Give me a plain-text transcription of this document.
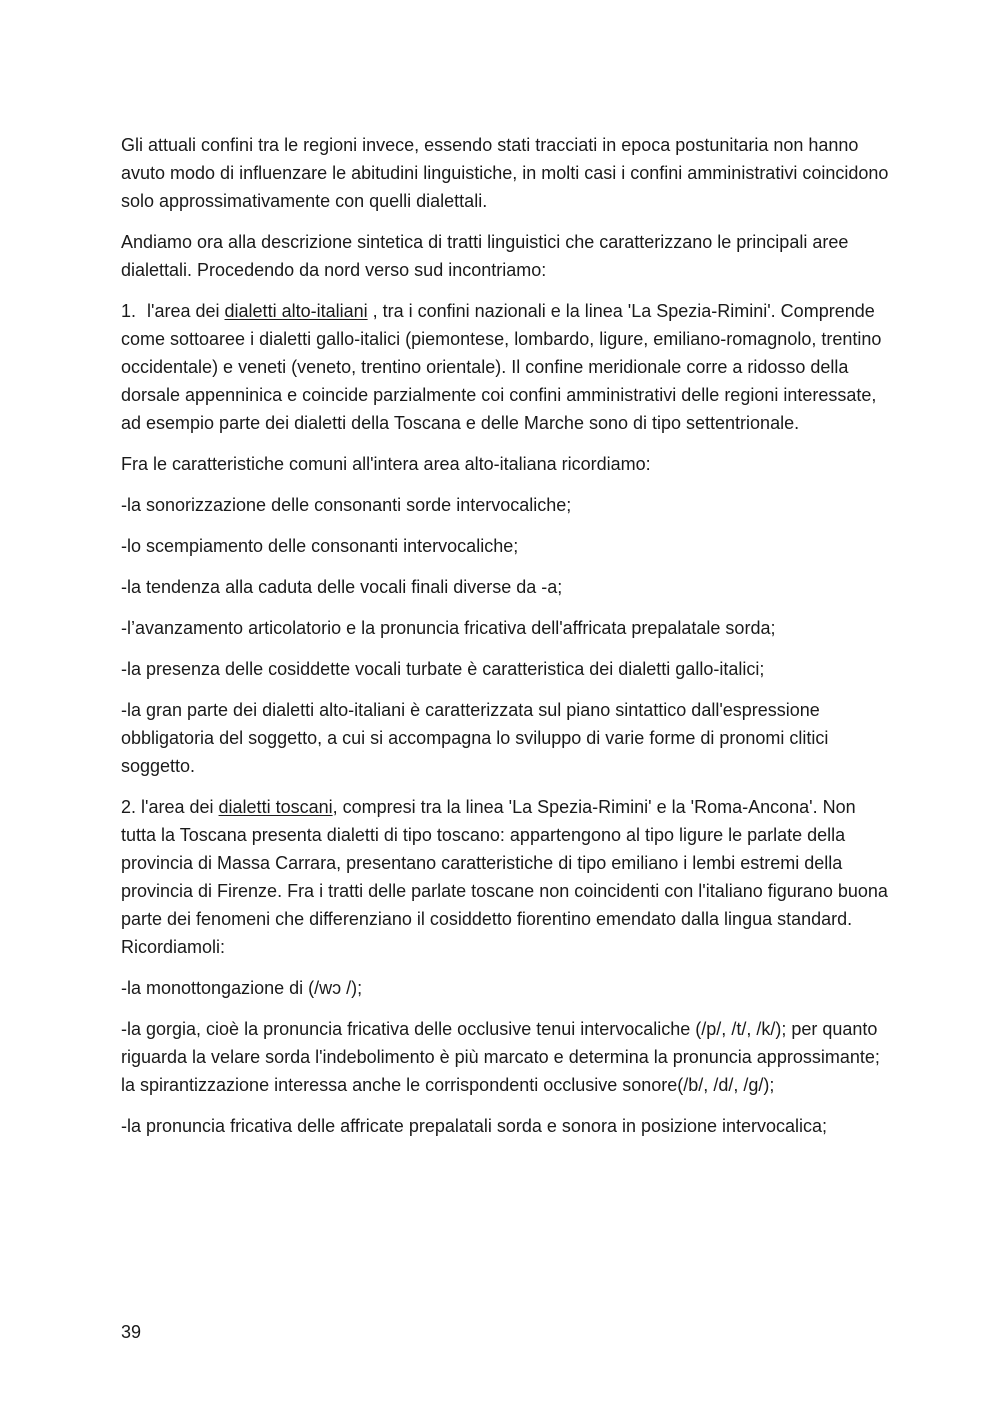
Gli attuali confini tra le regioni invece, essendo stati tracciati in epoca postunitaria non hanno avuto modo di influenzare le abitudini linguistiche, in molti casi i confini amministrativi coincidono solo approssimativamente con quelli dialettali.

Andiamo ora alla descrizione sintetica di tratti linguistici che caratterizzano le principali aree dialettali. Procedendo da nord verso sud incontriamo:

1. l'area dei dialetti alto-italiani , tra i confini nazionali e la linea 'La Spezia-Rimini'. Comprende come sottoaree i dialetti gallo-italici (piemontese, lombardo, ligure, emiliano-romagnolo, trentino occidentale) e veneti (veneto, trentino orientale). Il confine meridionale corre a ridosso della dorsale appenninica e coincide parzialmente coi confini amministrativi delle regioni interessate, ad esempio parte dei dialetti della Toscana e delle Marche sono di tipo settentrionale.

Fra le caratteristiche comuni all'intera area alto-italiana ricordiamo:

-la sonorizzazione delle consonanti sorde intervocaliche;

-lo scempiamento delle consonanti intervocaliche;

-la tendenza alla caduta delle vocali finali diverse da -a;

-l’avanzamento articolatorio e la pronuncia fricativa dell'affricata prepalatale sorda;

-la presenza delle cosiddette vocali turbate è caratteristica dei dialetti gallo-italici;

-la gran parte dei dialetti alto-italiani è caratterizzata sul piano sintattico dall'espressione obbligatoria del soggetto, a cui si accompagna lo sviluppo di varie forme di pronomi clitici soggetto.

2. l'area dei dialetti toscani, compresi tra la linea 'La Spezia-Rimini' e la 'Roma-Ancona'. Non tutta la Toscana presenta dialetti di tipo toscano: appartengono al tipo ligure le parlate della provincia di Massa Carrara, presentano caratteristiche di tipo emiliano i lembi estremi della provincia di Firenze. Fra i tratti delle parlate toscane non coincidenti con l'italiano figurano buona parte dei fenomeni che differenziano il cosiddetto fiorentino emendato dalla lingua standard. Ricordiamoli:

-la monottongazione di (/wɔ /);

-la gorgia, cioè la pronuncia fricativa delle occlusive tenui intervocaliche (/p/, /t/, /k/); per quanto riguarda la velare sorda l'indebolimento è più marcato e determina la pronuncia approssimante; la spirantizzazione interessa anche le corrispondenti occlusive sonore(/b/, /d/, /g/);

-la pronuncia fricativa delle affricate prepalatali sorda e sonora in posizione intervocalica;

39
